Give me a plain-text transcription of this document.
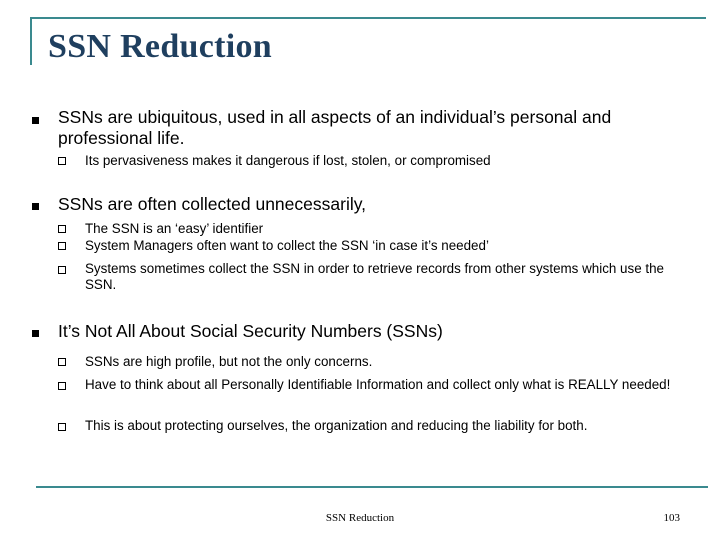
SSN Reduction
SSNs are ubiquitous, used in all aspects of an individual’s personal and professional life.
Its pervasiveness makes it dangerous if lost, stolen, or compromised
SSNs are often collected unnecessarily,
The SSN is an ‘easy’ identifier
System Managers often want to collect the SSN ‘in case it’s needed’
Systems sometimes collect the SSN in order to retrieve records from other systems which use the SSN.
It’s Not All About Social Security Numbers (SSNs)
SSNs are high profile, but not the only concerns.
Have to think about all Personally Identifiable Information and collect only what is REALLY needed!
This is about protecting ourselves, the organization and reducing the liability for both.
SSN Reduction	103
